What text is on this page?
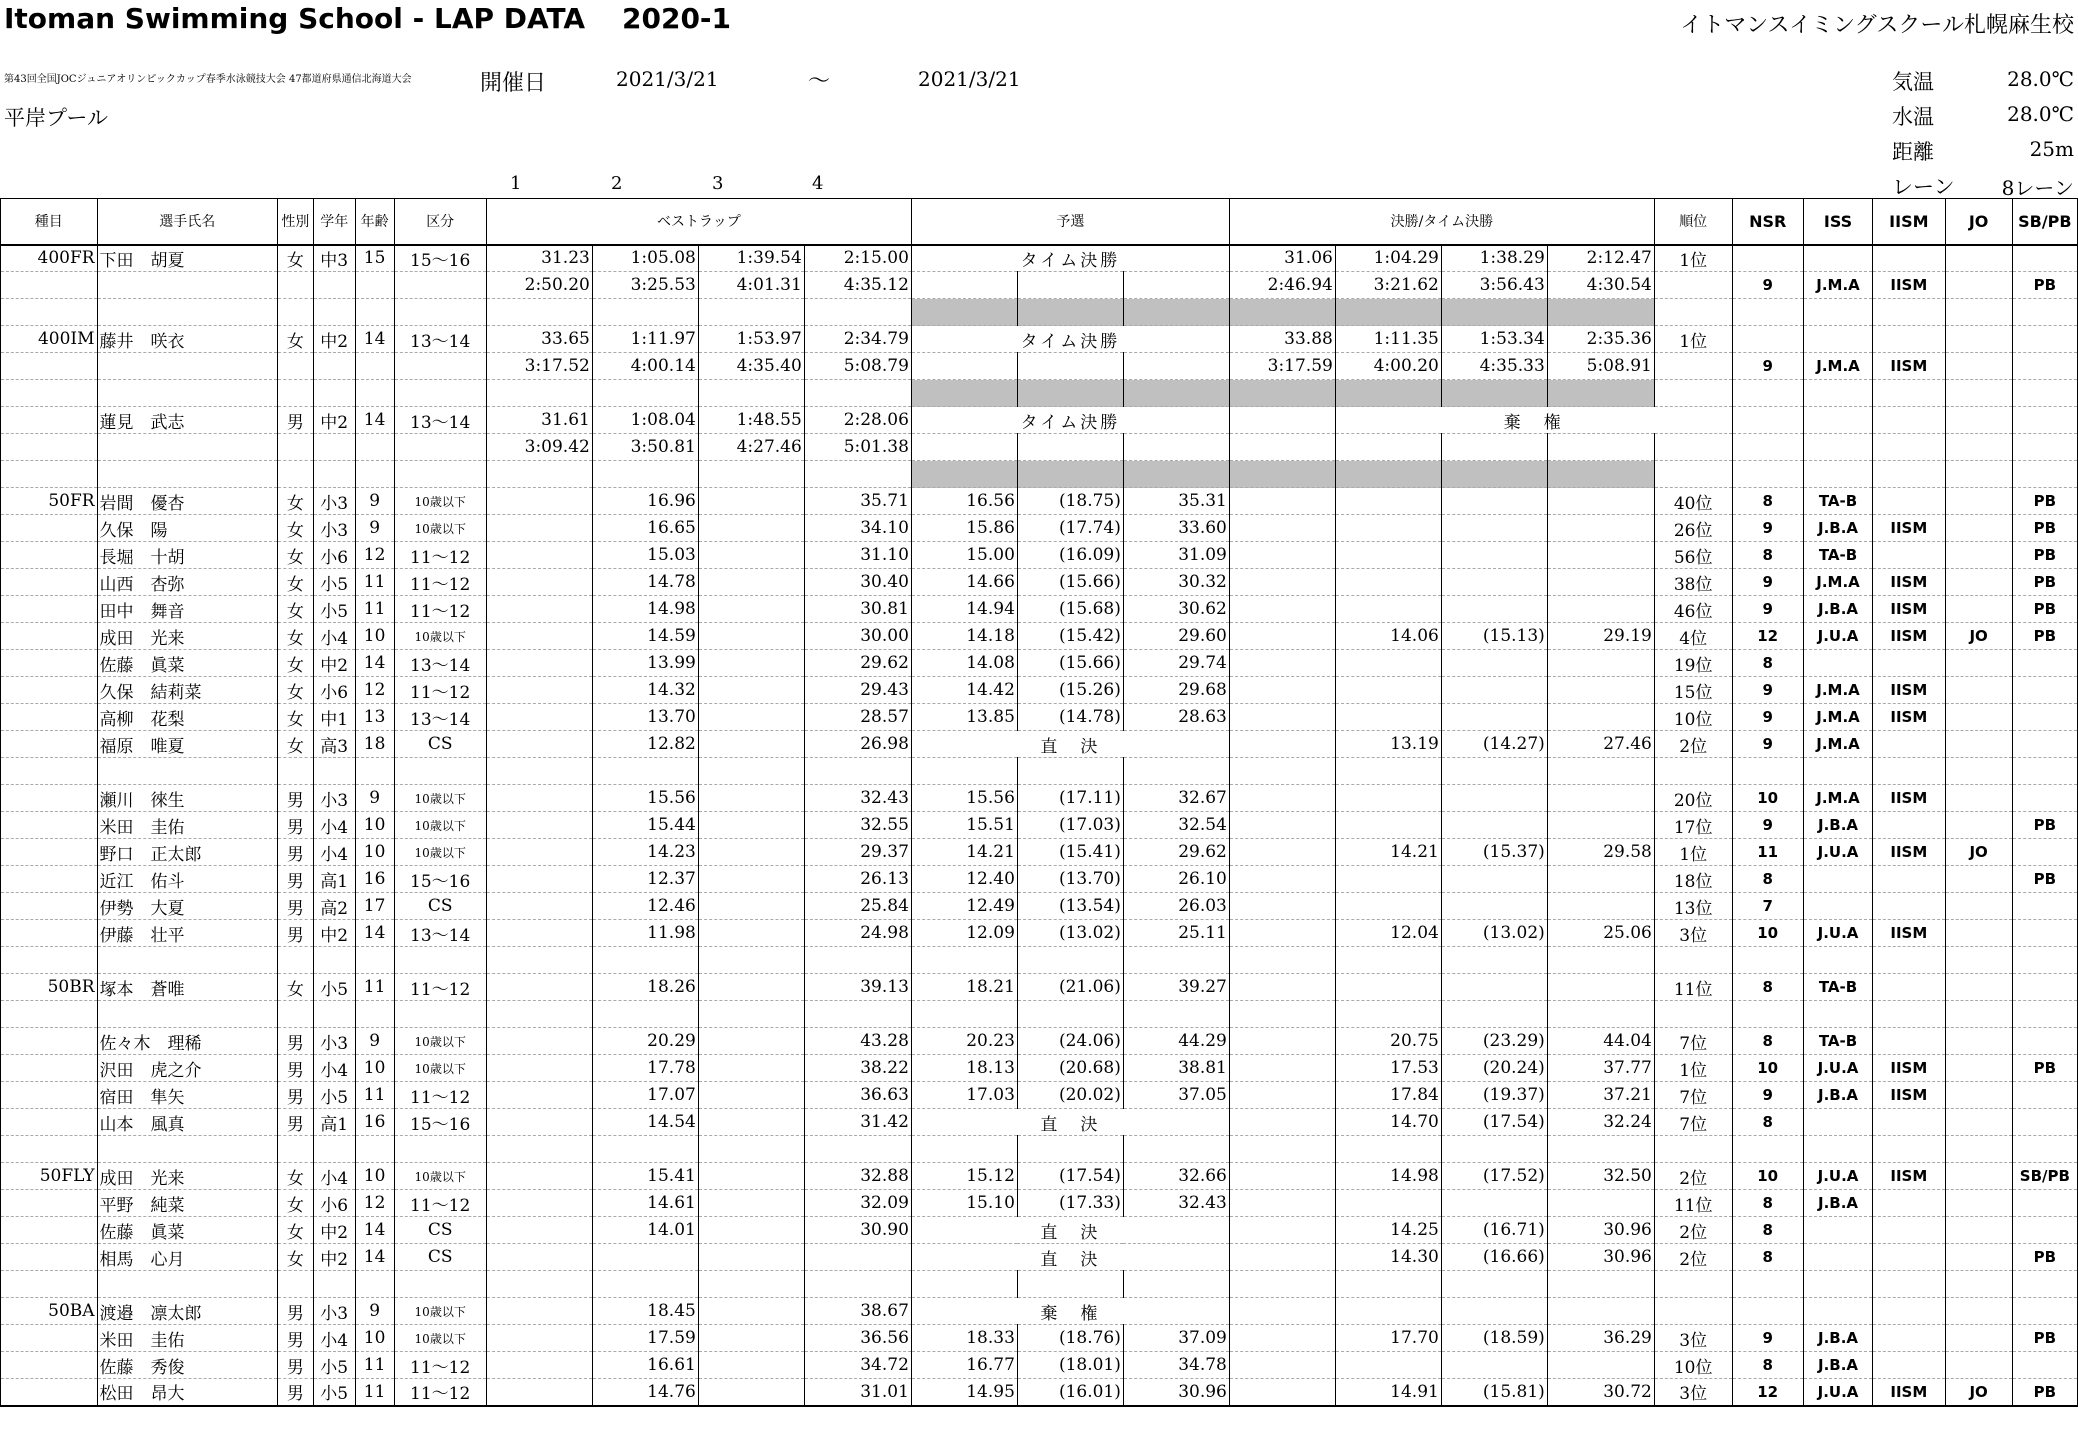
Itoman Swimming School - LAP DATA 2020-1	イトマンスイミングスクール札幌麻生校
第43回全国JOCジュニアオリンピックカップ春季水泳競技大会 47都道府県通信北海道大会
平岸プール
開催日	2021/3/21	～	2021/3/21	気温	28.0℃
水温	28.0℃
距離	25m
レーン 8レーン
1	2	3	4
種目	選手氏名	性別	学年	年齢	区分	ベストラップ				予選			決勝/タイム決勝				順位	NSR	ISS	IISM	JO	SB/PB
400FR	下田　胡夏	女	中3	15	15～16	31.23	1:05.08	1:39.54	2:15.00	タイム決勝			31.06	1:04.29	1:38.29	2:12.47	1位					
						2:50.20	3:25.53	4:01.31	4:35.12				2:46.94	3:21.62	3:56.43	4:30.54		9	J.M.A	IISM		PB

400IM	藤井　咲衣	女	中2	14	13～14	33.65	1:11.97	1:53.97	2:34.79	タイム決勝			33.88	1:11.35	1:53.34	2:35.36	1位					
						3:17.52	4:00.14	4:35.40	5:08.79				3:17.59	4:00.20	4:35.33	5:08.91		9	J.M.A	IISM		

	蓮見　武志	男	中2	14	13～14	31.61	1:08.04	1:48.55	2:28.06	タイム決勝				棄　権								
						3:09.42	3:50.81	4:27.46	5:01.38													

50FR	岩間　優杏	女	小3	9	10歳以下		16.96		35.71	16.56	(18.75)	35.31					40位	8	TA-B			PB
	久保　陽	女	小3	9	10歳以下		16.65		34.10	15.86	(17.74)	33.60					26位	9	J.B.A	IISM		PB
	長堀　十胡	女	小6	12	11～12		15.03		31.10	15.00	(16.09)	31.09					56位	8	TA-B			PB
	山西　杏弥	女	小5	11	11～12		14.78		30.40	14.66	(15.66)	30.32					38位	9	J.M.A	IISM		PB
	田中　舞音	女	小5	11	11～12		14.98		30.81	14.94	(15.68)	30.62					46位	9	J.B.A	IISM		PB
	成田　光来	女	小4	10	10歳以下		14.59		30.00	14.18	(15.42)	29.60		14.06	(15.13)	29.19	4位	12	J.U.A	IISM	JO	PB
	佐藤　眞菜	女	中2	14	13～14		13.99		29.62	14.08	(15.66)	29.74					19位	8				
	久保　結莉菜	女	小6	12	11～12		14.32		29.43	14.42	(15.26)	29.68					15位	9	J.M.A	IISM		
	高柳　花梨	女	中1	13	13～14		13.70		28.57	13.85	(14.78)	28.63					10位	9	J.M.A	IISM		
	福原　唯夏	女	高3	18	CS		12.82		26.98	直　決				13.19	(14.27)	27.46	2位	9	J.M.A			

	瀬川　徠生	男	小3	9	10歳以下		15.56		32.43	15.56	(17.11)	32.67					20位	10	J.M.A	IISM		
	米田　圭佑	男	小4	10	10歳以下		15.44		32.55	15.51	(17.03)	32.54					17位	9	J.B.A			PB
	野口　正太郎	男	小4	10	10歳以下		14.23		29.37	14.21	(15.41)	29.62		14.21	(15.37)	29.58	1位	11	J.U.A	IISM	JO	
	近江　佑斗	男	高1	16	15～16		12.37		26.13	12.40	(13.70)	26.10					18位	8				PB
	伊勢　大夏	男	高2	17	CS		12.46		25.84	12.49	(13.54)	26.03					13位	7				
	伊藤　壮平	男	中2	14	13～14		11.98		24.98	12.09	(13.02)	25.11		12.04	(13.02)	25.06	3位	10	J.U.A	IISM		

50BR	塚本　蒼唯	女	小5	11	11～12		18.26		39.13	18.21	(21.06)	39.27					11位	8	TA-B			

	佐々木　理稀	男	小3	9	10歳以下		20.29		43.28	20.23	(24.06)	44.29		20.75	(23.29)	44.04	7位	8	TA-B			
	沢田　虎之介	男	小4	10	10歳以下		17.78		38.22	18.13	(20.68)	38.81		17.53	(20.24)	37.77	1位	10	J.U.A	IISM		PB
	宿田　隼矢	男	小5	11	11～12		17.07		36.63	17.03	(20.02)	37.05		17.84	(19.37)	37.21	7位	9	J.B.A	IISM		
	山本　風真	男	高1	16	15～16		14.54		31.42	直　決				14.70	(17.54)	32.24	7位	8				

50FLY	成田　光来	女	小4	10	10歳以下		15.41		32.88	15.12	(17.54)	32.66		14.98	(17.52)	32.50	2位	10	J.U.A	IISM		SB/PB
	平野　純菜	女	小6	12	11～12		14.61		32.09	15.10	(17.33)	32.43					11位	8	J.B.A			
	佐藤　眞菜	女	中2	14	CS		14.01		30.90	直　決				14.25	(16.71)	30.96	2位	8				
	相馬　心月	女	中2	14	CS					直　決				14.30	(16.66)	30.96	2位	8				PB

50BA	渡邉　凛太郎	男	小3	9	10歳以下		18.45		38.67	棄　権												
	米田　圭佑	男	小4	10	10歳以下		17.59		36.56	18.33	(18.76)	37.09		17.70	(18.59)	36.29	3位	9	J.B.A			PB
	佐藤　秀俊	男	小5	11	11～12		16.61		34.72	16.77	(18.01)	34.78					10位	8	J.B.A			
	松田　昂大	男	小5	11	11～12		14.76		31.01	14.95	(16.01)	30.96		14.91	(15.81)	30.72	3位	12	J.U.A	IISM	JO	PB
